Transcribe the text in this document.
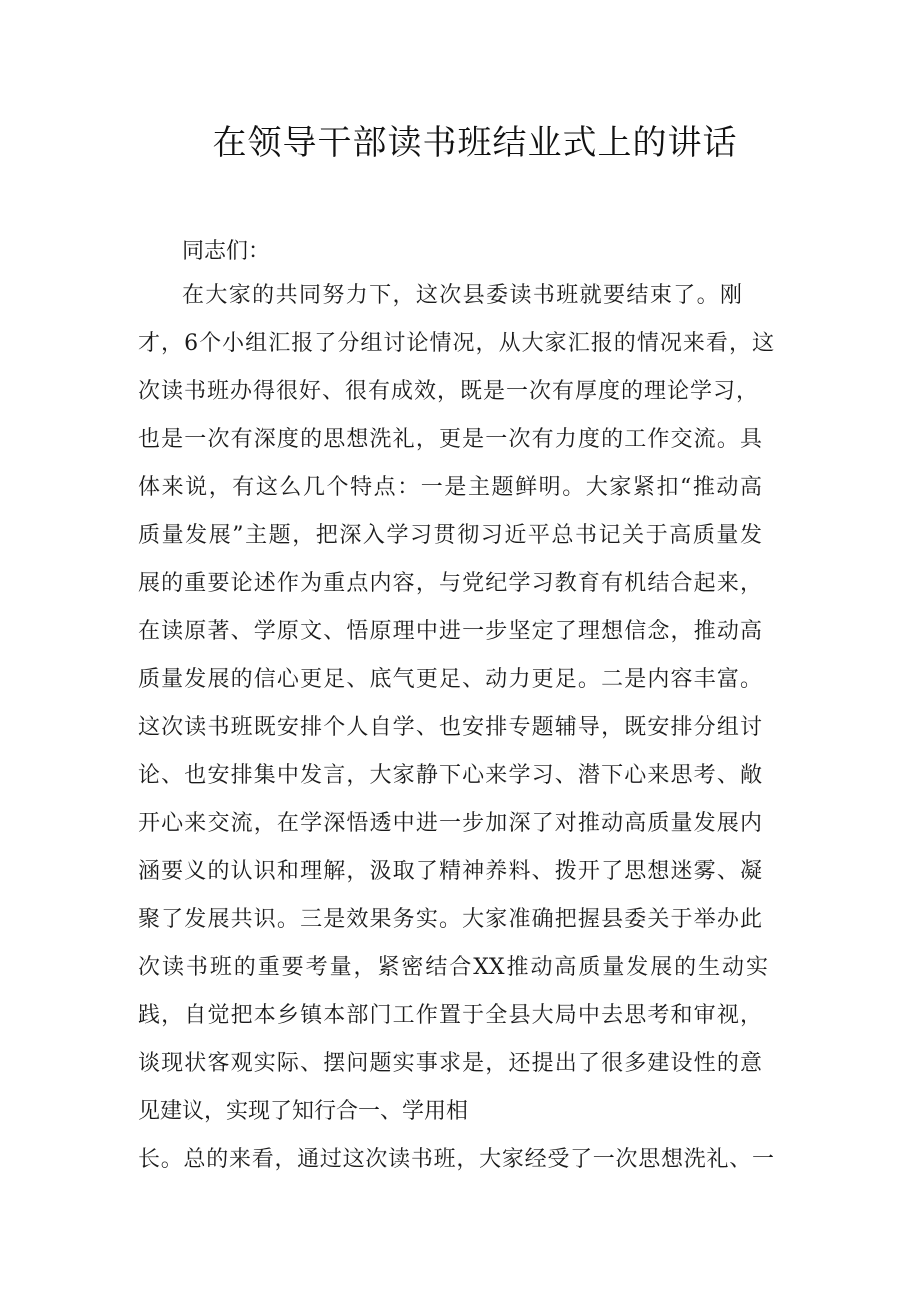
在领导干部读书班结业式上的讲话
同志们：
在大家的共同努力下，这次县委读书班就要结束了。刚
才，6个小组汇报了分组讨论情况，从大家汇报的情况来看，这
次读书班办得很好、很有成效，既是一次有厚度的理论学习，
也是一次有深度的思想洗礼，更是一次有力度的工作交流。具
体来说，有这么几个特点：一是主题鲜明。大家紧扣“推动高
质量发展”主题，把深入学习贯彻习近平总书记关于高质量发
展的重要论述作为重点内容，与党纪学习教育有机结合起来，
在读原著、学原文、悟原理中进一步坚定了理想信念，推动高
质量发展的信心更足、底气更足、动力更足。二是内容丰富。
这次读书班既安排个人自学、也安排专题辅导，既安排分组讨
论、也安排集中发言，大家静下心来学习、潜下心来思考、敞
开心来交流，在学深悟透中进一步加深了对推动高质量发展内
涵要义的认识和理解，汲取了精神养料、拨开了思想迷雾、凝
聚了发展共识。三是效果务实。大家准确把握县委关于举办此
次读书班的重要考量，紧密结合XX推动高质量发展的生动实
践，自觉把本乡镇本部门工作置于全县大局中去思考和审视，
谈现状客观实际、摆问题实事求是，还提出了很多建设性的意
见建议，实现了知行合一、学用相
长。总的来看，通过这次读书班，大家经受了一次思想洗礼、一
